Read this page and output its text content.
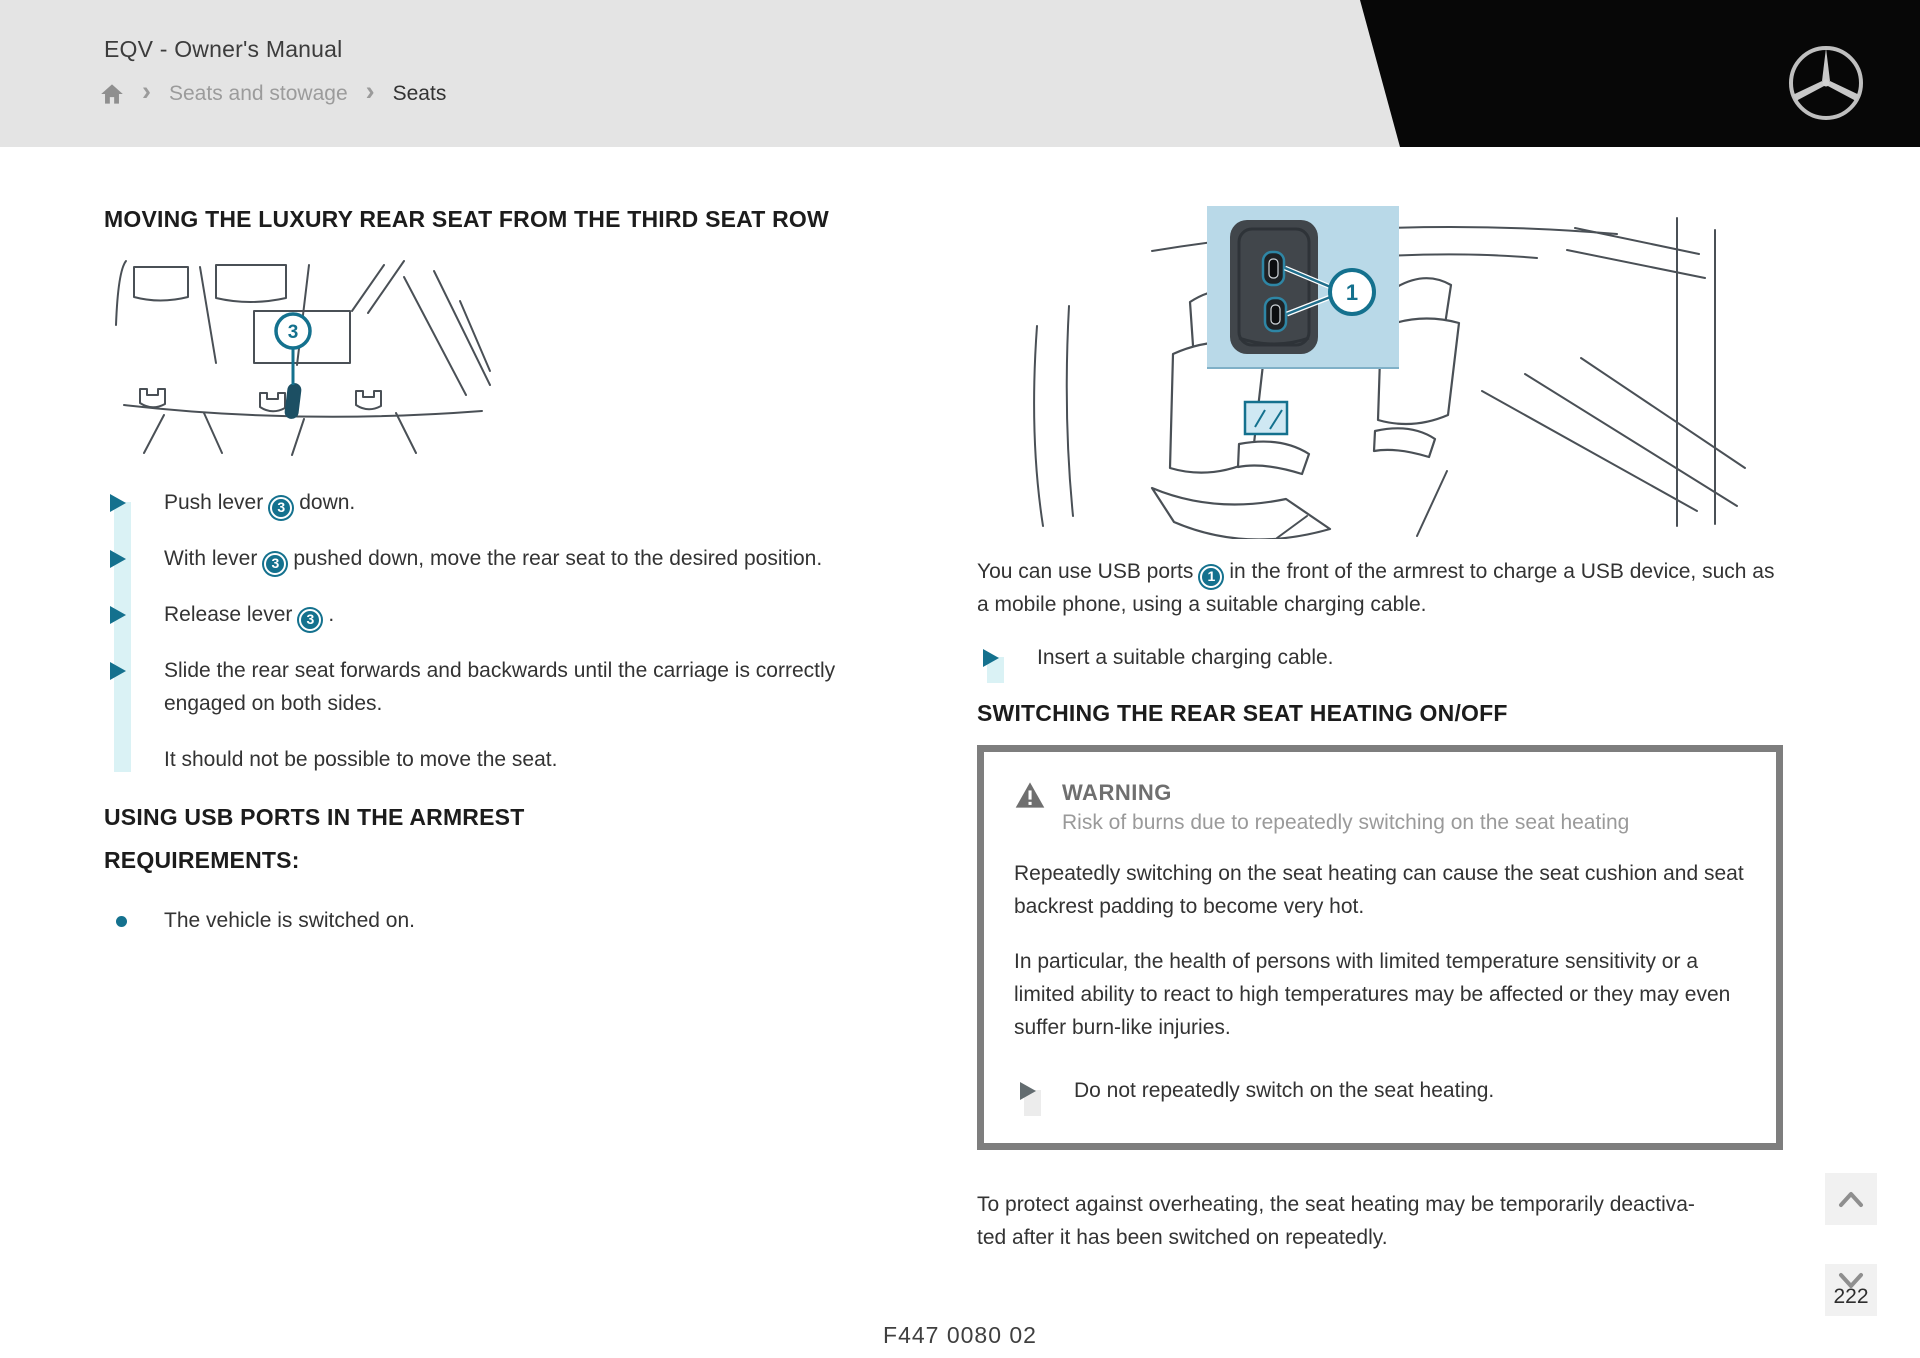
EQV - Owner's Manual
› Seats and stowage › Seats
MOVING THE LUXURY REAR SEAT FROM THE THIRD SEAT ROW
3

Push lever 3 down.

With lever 3 pushed down, move the rear seat to the desired position.

Release lever 3 .

Slide the rear seat forwards and backwards until the carriage is correctly engaged on both sides.

It should not be possible to move the seat.

USING USB PORTS IN THE ARMREST
REQUIREMENTS:
The vehicle is switched on.
1

You can use USB ports 1 in the front of the armrest to charge a USB device, such as a mobile phone, using a suitable charging cable.

Insert a suitable charging cable.

SWITCHING THE REAR SEAT HEATING ON/OFF
WARNING
Risk of burns due to repeatedly switching on the seat heating

Repeatedly switching on the seat heating can cause the seat cushion and seat backrest padding to become very hot.

In particular, the health of persons with limited temperature sensitivity or a limited ability to react to high temperatures may be affected or they may even suffer burn-like injuries.

Do not repeatedly switch on the seat heating.

To protect against overheating, the seat heating may be temporarily deactiva-
ted after it has been switched on repeatedly.

F447 0080 02
222
